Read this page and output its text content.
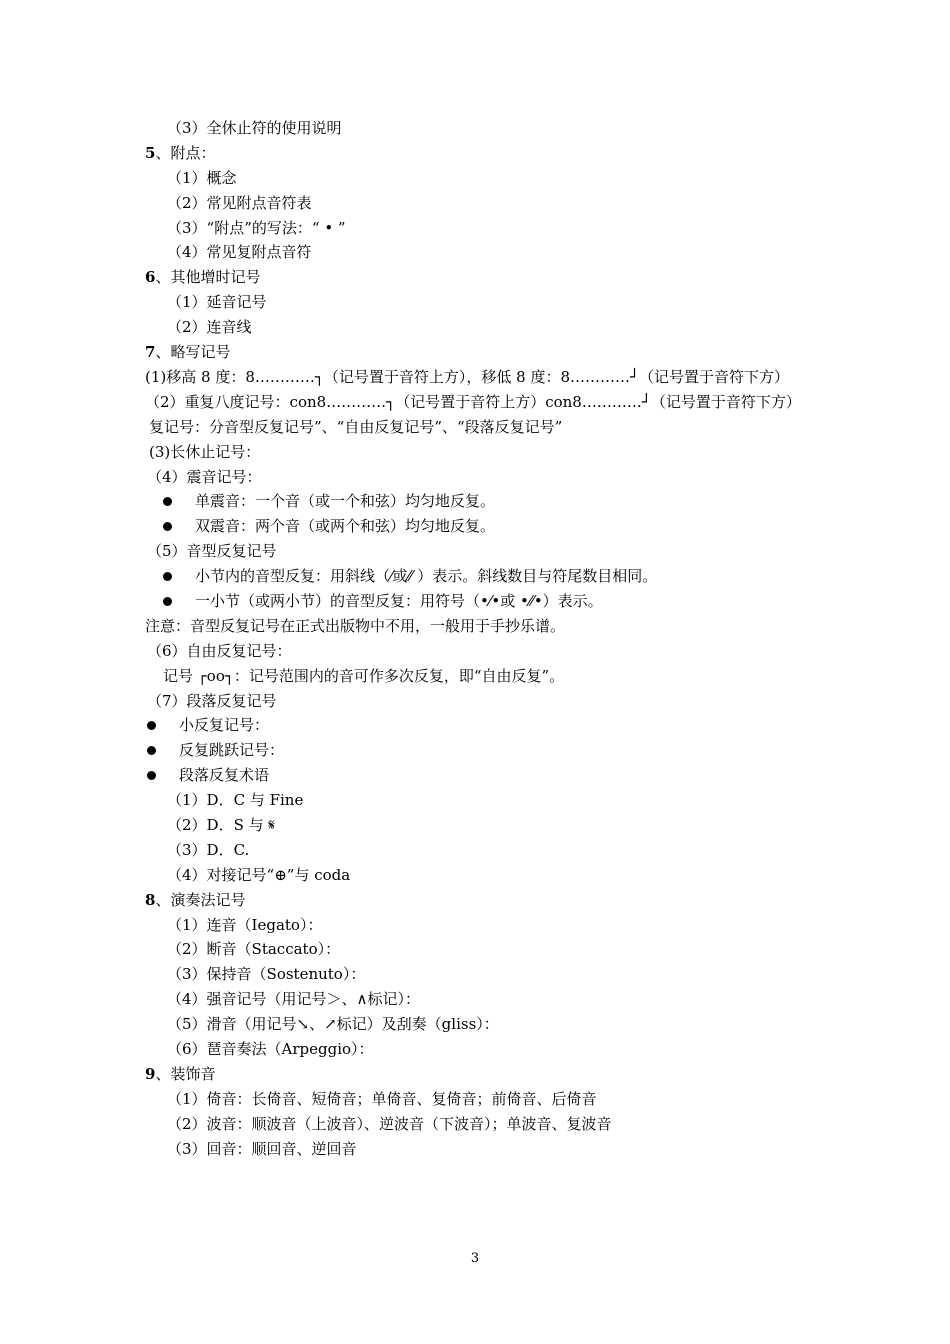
（3）全休止符的使用说明
5、附点：
（1）概念
（2）常见附点音符表
（3）“附点”的写法：“ • ”
（4）常见复附点音符
6、其他增时记号
（1）延音记号
（2）连音线
7、略写记号
(1)移高 8 度：8…………┐（记号置于音符上方），移低 8 度：8…………┘（记号置于音符下方）
（2）重复八度记号：con8…………┐（记号置于音符上方）con8…………┘（记号置于音符下方）
复记号：分音型反复记号”、“自由反复记号”、“段落反复记号”
(3)长休止记号：
（4）震音记号：
单震音：一个音（或一个和弦）均匀地反复。
双震音：两个音（或两个和弦）均匀地反复。
（5）音型反复记号
小节内的音型反复：用斜线（⁄或⁄⁄ ）表示。斜线数目与符尾数目相同。
一小节（或两小节）的音型反复：用符号（•⁄•或 •⁄⁄•）表示。
注意：音型反复记号在正式出版物中不用，一般用于手抄乐谱。
（6）自由反复记号：
记号 ┌oo┐：记号范围内的音可作多次反复，即“自由反复”。
（7）段落反复记号
小反复记号：
反复跳跃记号：
段落反复术语
（1）D．C 与 Fine
（2）D．S 与 𝄋
（3）D．C.
（4）对接记号“⊕”与 coda
8、演奏法记号
（1）连音（Iegato）：
（2）断音（Staccato）：
（3）保持音（Sostenuto）：
（4）强音记号（用记号＞、∧标记）：
（5）滑音（用记号↘、↗标记）及刮奏（gliss）：
（6）琶音奏法（Arpeggio）：
9、装饰音
（1）倚音：长倚音、短倚音；单倚音、复倚音；前倚音、后倚音
（2）波音：顺波音（上波音）、逆波音（下波音）；单波音、复波音
（3）回音：顺回音、逆回音
3
